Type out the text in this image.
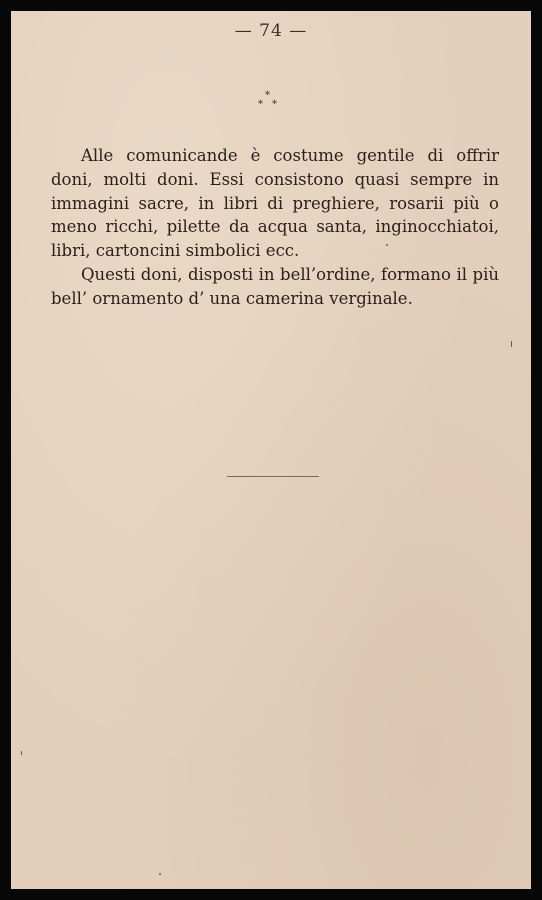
— 74 —
*
* *

Alle comunicande è costume gentile di offrir doni, molti doni. Essi consistono quasi sempre in immagini sacre, in libri di preghiere, rosarii più o meno ricchi, pilette da acqua santa, inginocchiatoi, libri, cartoncini simbolici ecc.

Questi doni, disposti in bell’ordine, formano il più bell’ ornamento d’ una camerina verginale.
